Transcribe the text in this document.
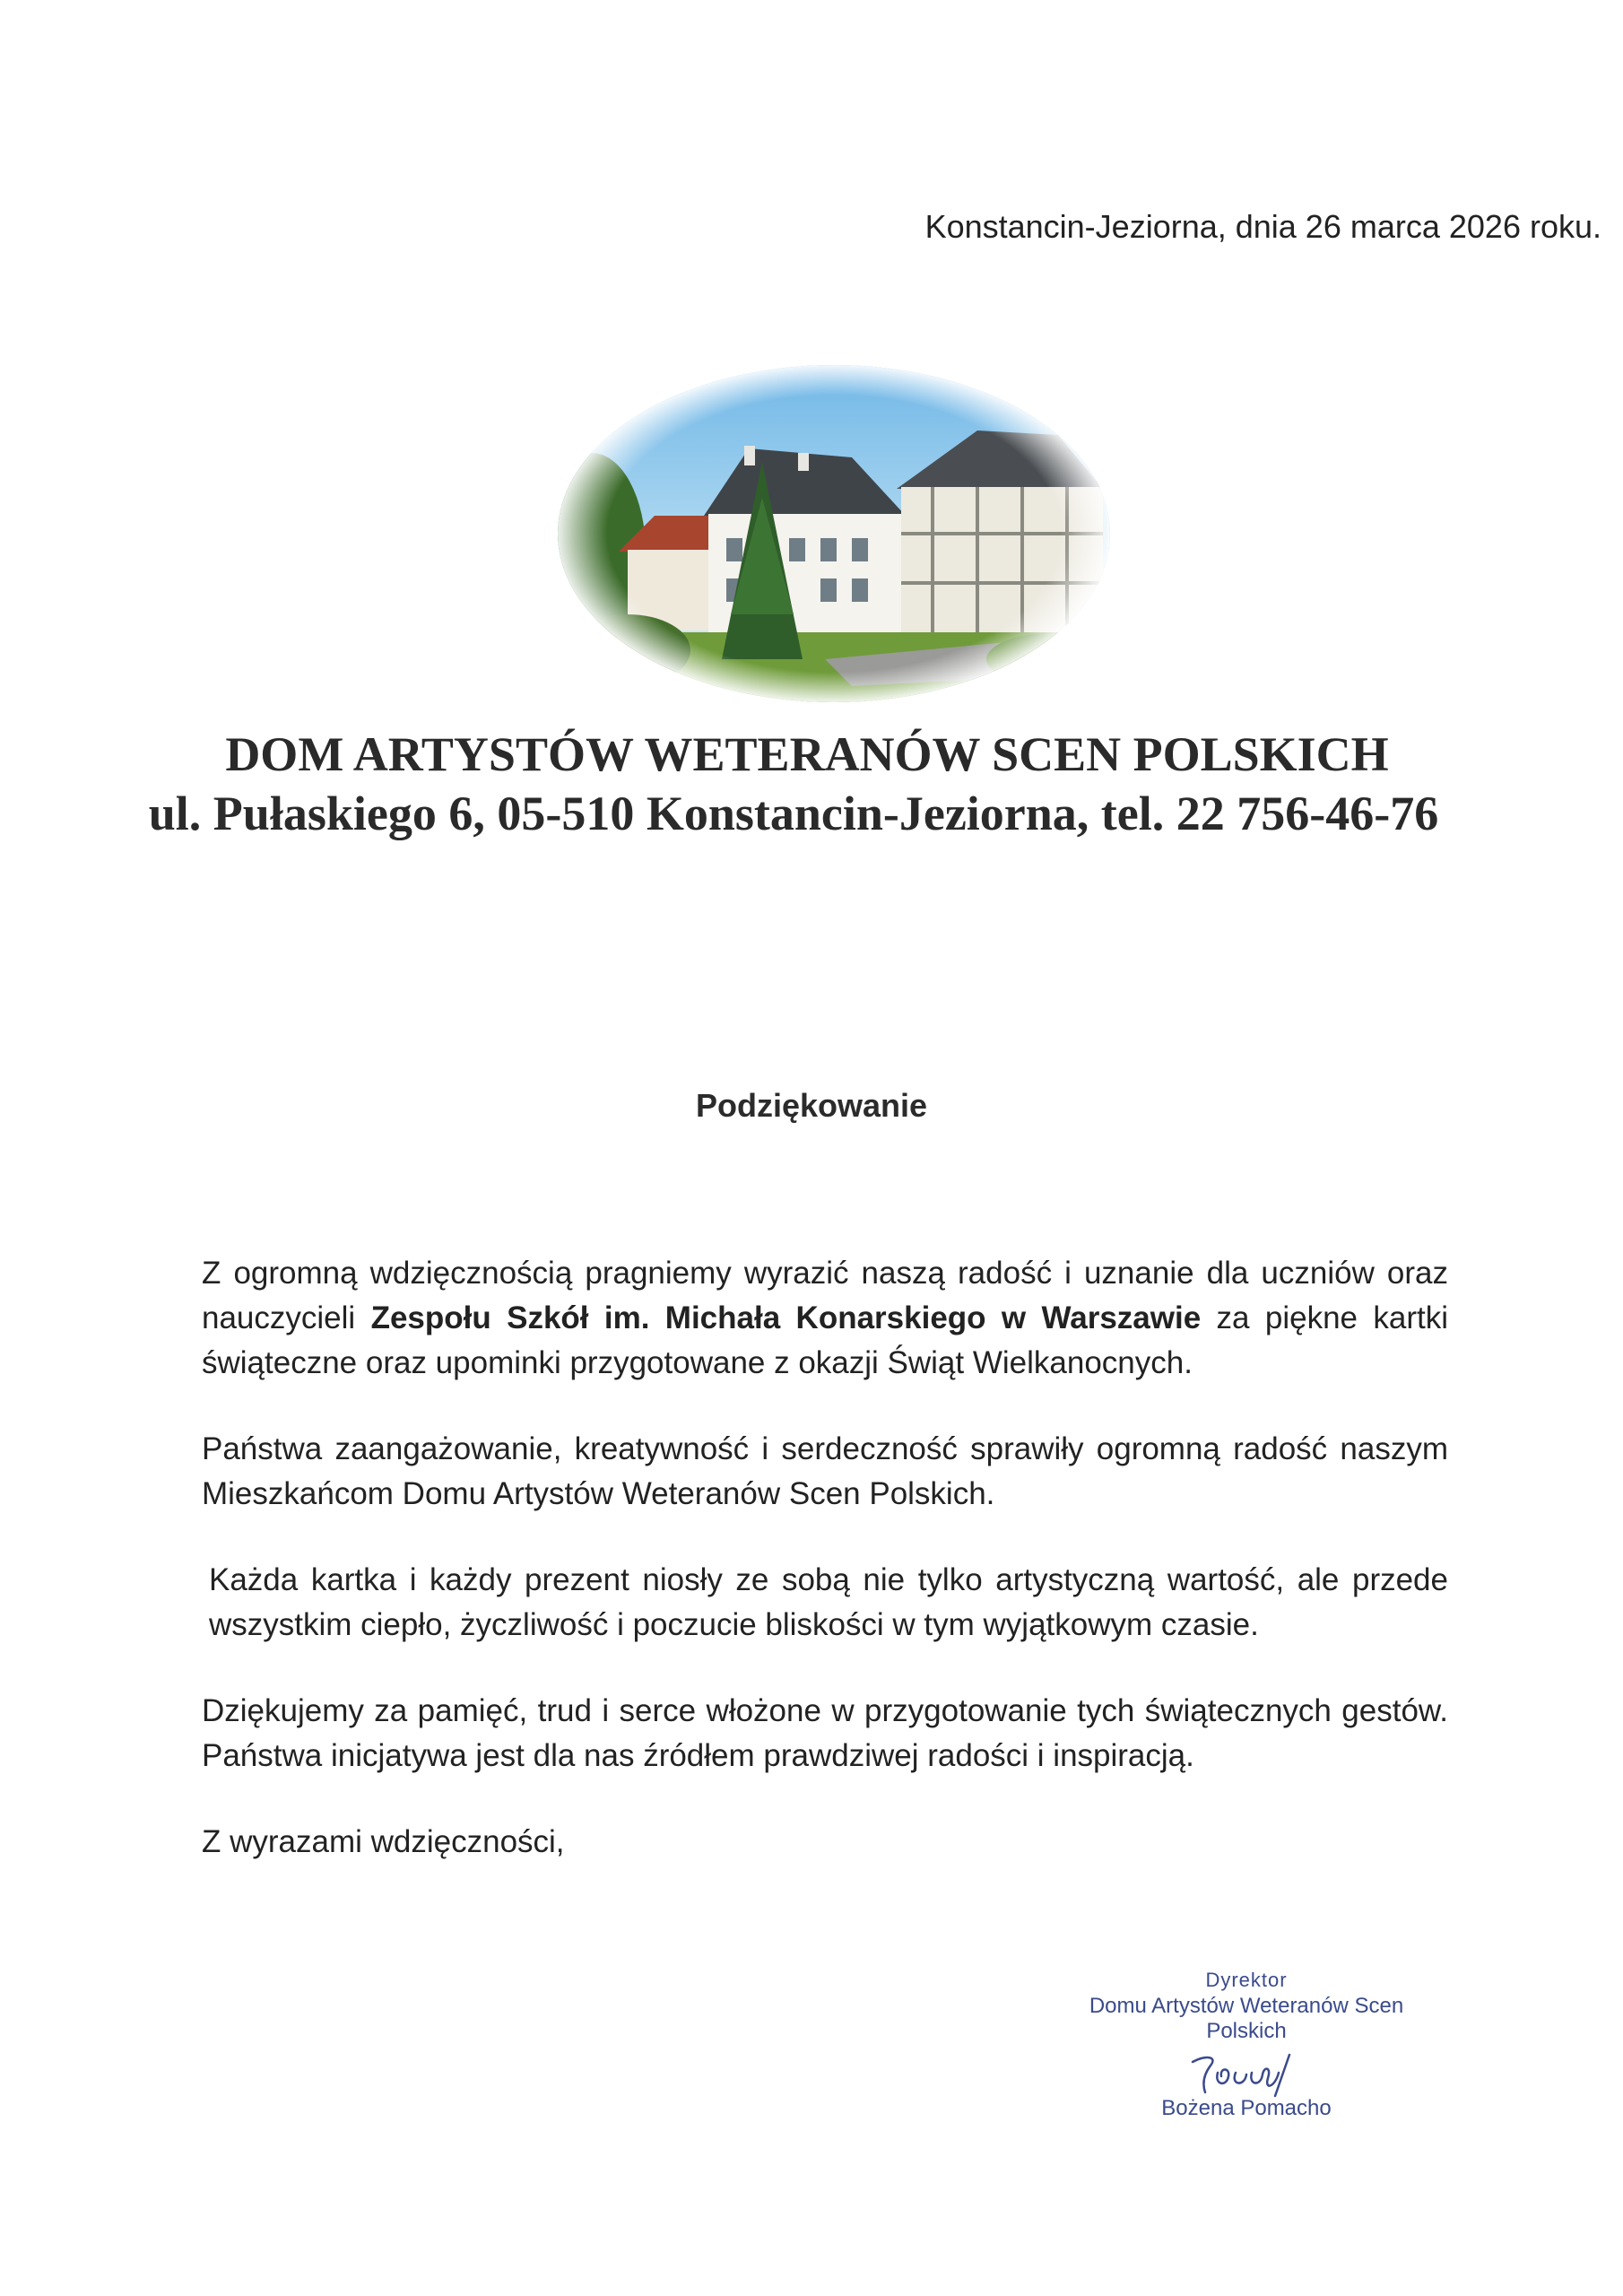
Konstancin-Jeziorna, dnia 26 marca 2026 roku.
DOM ARTYSTÓW WETERANÓW SCEN POLSKICH
ul. Pułaskiego 6, 05-510 Konstancin-Jeziorna, tel. 22 756-46-76
Podziękowanie

Z ogromną wdzięcznością pragniemy wyrazić naszą radość i uznanie dla uczniów oraz nauczycieli Zespołu Szkół im. Michała Konarskiego w Warszawie za piękne kartki świąteczne oraz upominki przygotowane z okazji Świąt Wielkanocnych.

Państwa zaangażowanie, kreatywność i serdeczność sprawiły ogromną radość naszym Mieszkańcom Domu Artystów Weteranów Scen Polskich.

Każda kartka i każdy prezent niosły ze sobą nie tylko artystyczną wartość, ale przede wszystkim ciepło, życzliwość i poczucie bliskości w tym wyjątkowym czasie.

Dziękujemy za pamięć, trud i serce włożone w przygotowanie tych świątecznych gestów. Państwa inicjatywa jest dla nas źródłem prawdziwej radości i inspiracją.

Z wyrazami wdzięczności,

Dyrektor
Domu Artystów Weteranów Scen Polskich
Bożena Pomacho
